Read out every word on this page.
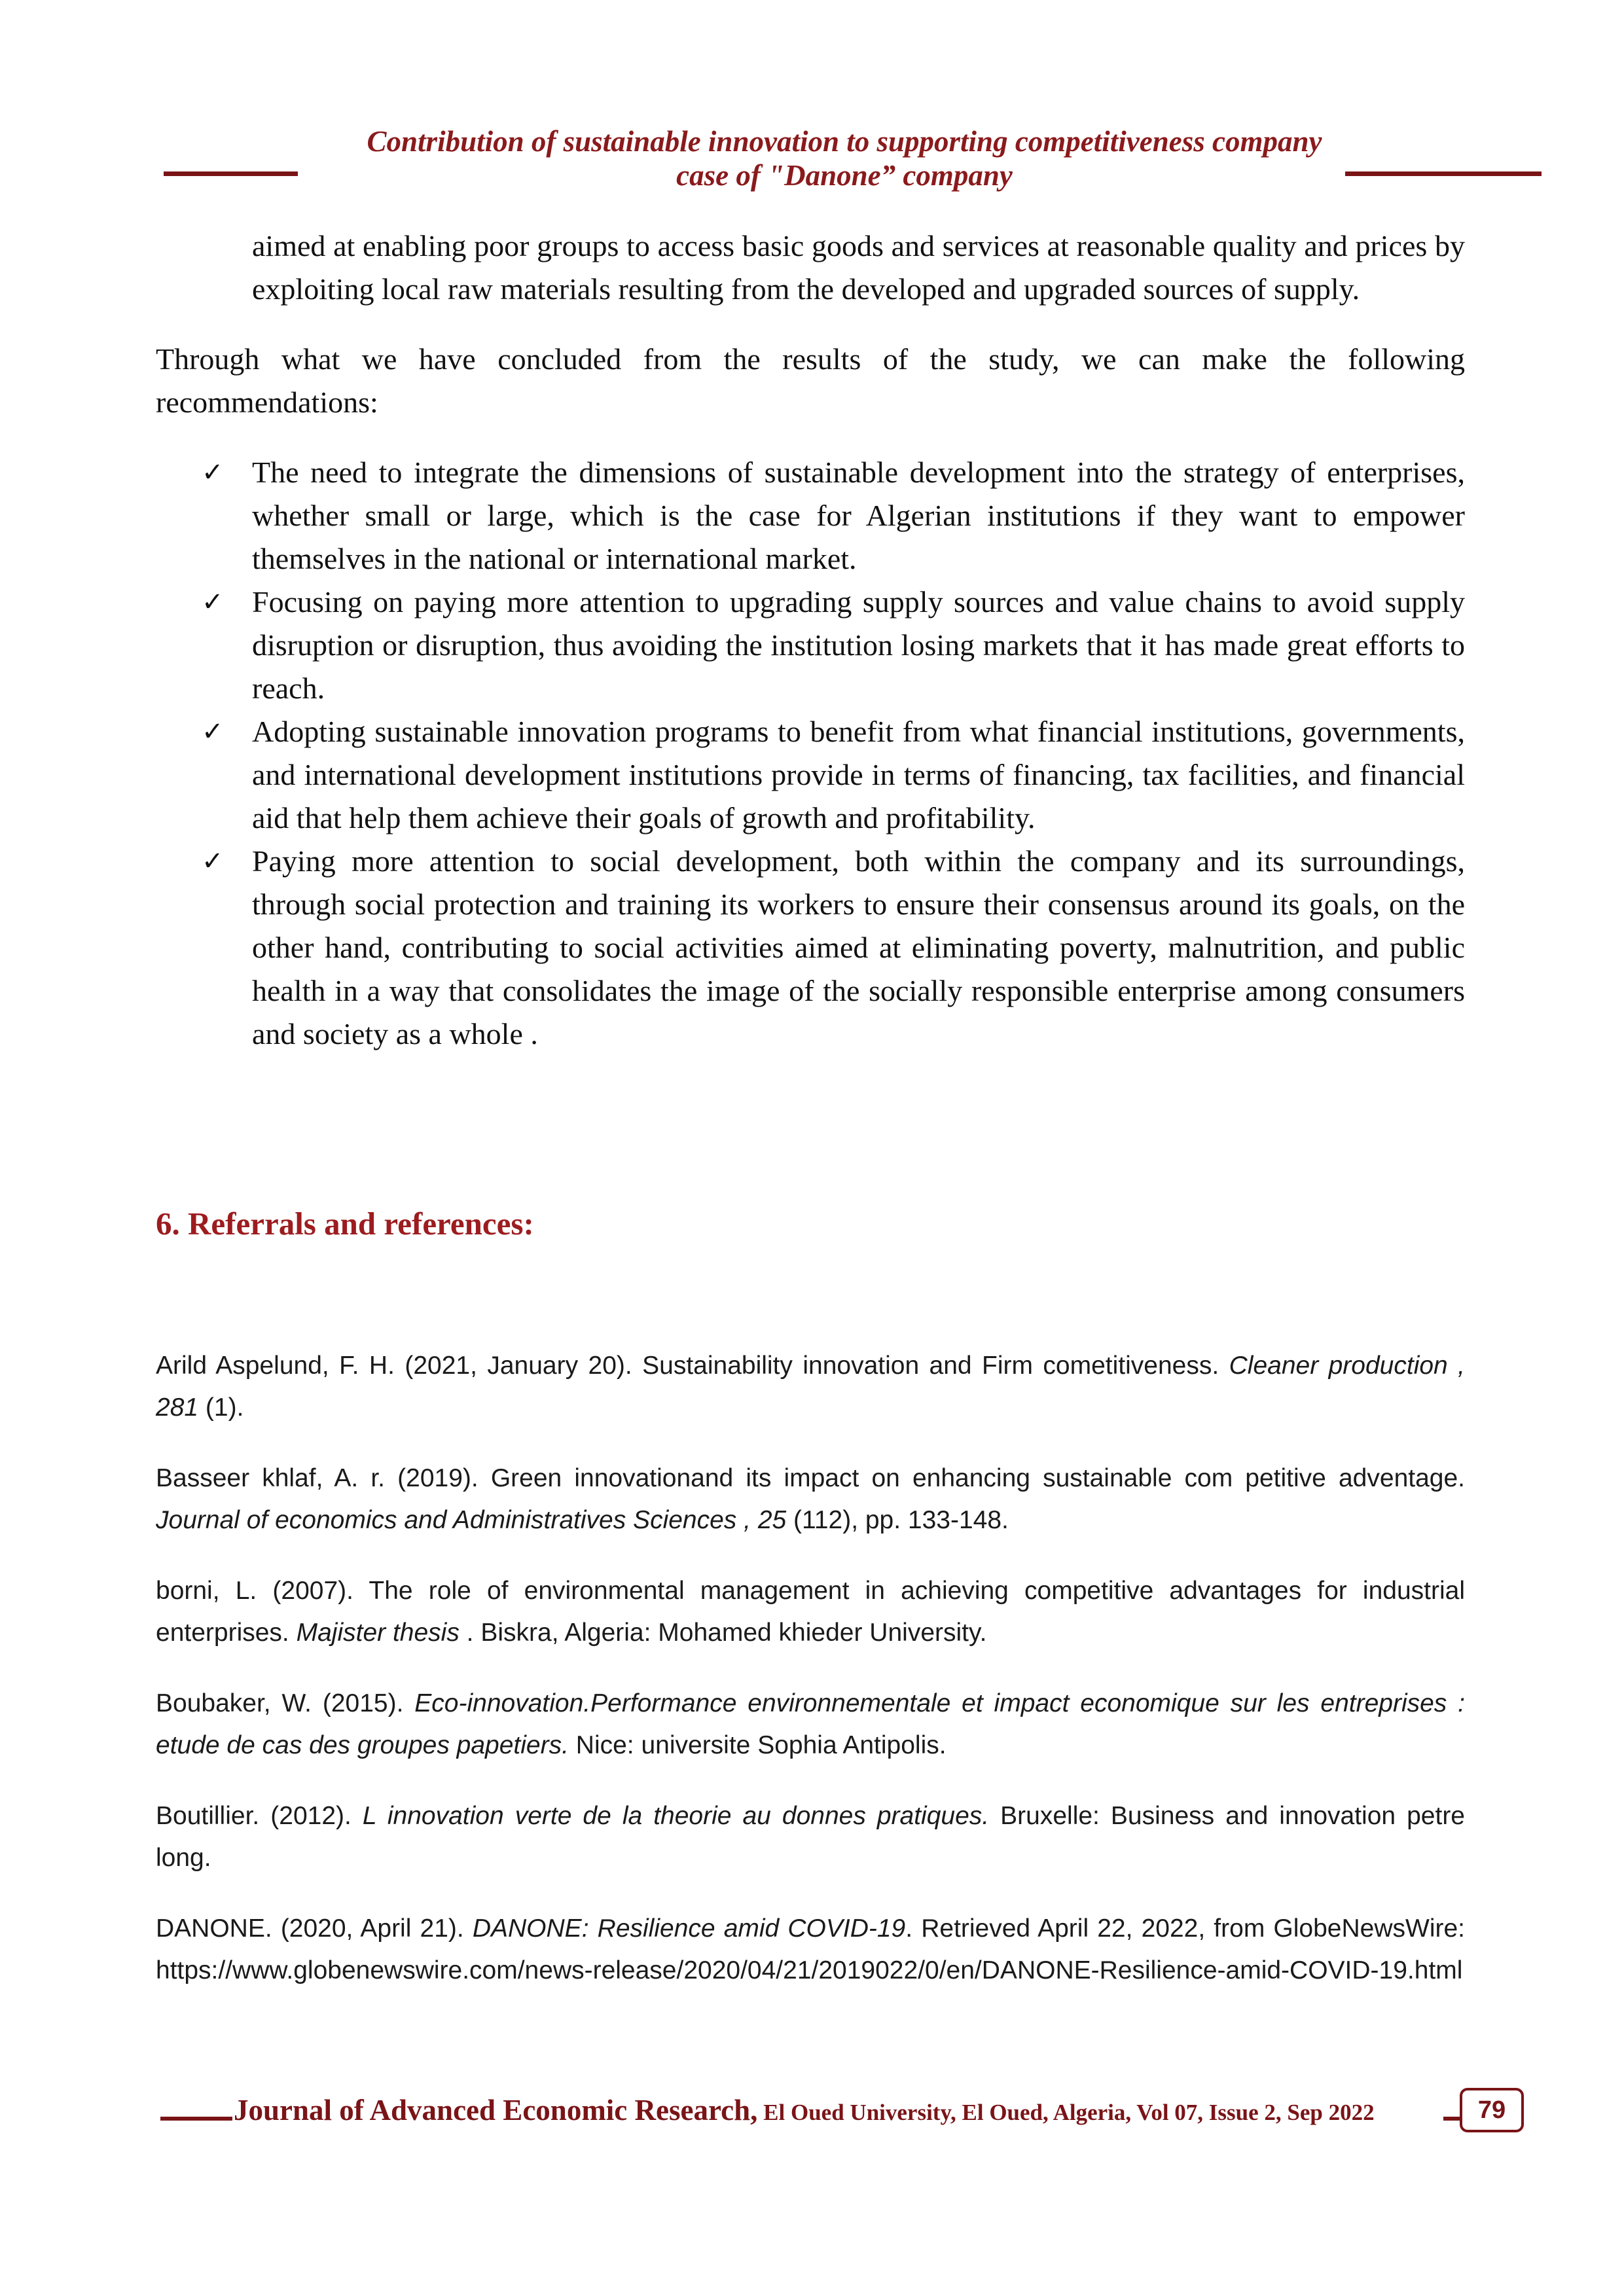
Contribution of sustainable innovation to supporting competitiveness company
case of "Danone” company

aimed at enabling poor groups to access basic goods and services at reasonable quality and prices by exploiting local raw materials resulting from the developed and upgraded sources of supply.

Through what we have concluded from the results of the study, we can make the following recommendations:

✓ The need to integrate the dimensions of sustainable development into the strategy of enterprises, whether small or large, which is the case for Algerian institutions if they want to empower themselves in the national or international market.
✓ Focusing on paying more attention to upgrading supply sources and value chains to avoid supply disruption or disruption, thus avoiding the institution losing markets that it has made great efforts to reach.
✓ Adopting sustainable innovation programs to benefit from what financial institutions, governments, and international development institutions provide in terms of financing, tax facilities, and financial aid that help them achieve their goals of growth and profitability.
✓ Paying more attention to social development, both within the company and its surroundings, through social protection and training its workers to ensure their consensus around its goals, on the other hand, contributing to social activities aimed at eliminating poverty, malnutrition, and public health in a way that consolidates the image of the socially responsible enterprise among consumers and society as a whole .
6. Referrals and references:

Arild Aspelund, F. H. (2021, January 20). Sustainability innovation and Firm cometitiveness. Cleaner production , 281 (1).

Basseer khlaf, A. r. (2019). Green innovationand its impact on enhancing sustainable com petitive adventage. Journal of economics and Administratives Sciences , 25 (112), pp. 133-148.

borni, L. (2007). The role of environmental management in achieving competitive advantages for industrial enterprises. Majister thesis . Biskra, Algeria: Mohamed khieder University.

Boubaker, W. (2015). Eco-innovation.Performance environnementale et impact economique sur les entreprises : etude de cas des groupes papetiers. Nice: universite Sophia Antipolis.

Boutillier. (2012). L innovation verte de la theorie au donnes pratiques. Bruxelle: Business and innovation petre long.

DANONE. (2020, April 21). DANONE: Resilience amid COVID-19. Retrieved April 22, 2022, from GlobeNewsWire: https://www.globenewswire.com/news-release/2020/04/21/2019022/0/en/DANONE-Resilience-amid-COVID-19.html

Journal of Advanced Economic Research, El Oued University, El Oued, Algeria, Vol 07, Issue 2, Sep 2022	79
